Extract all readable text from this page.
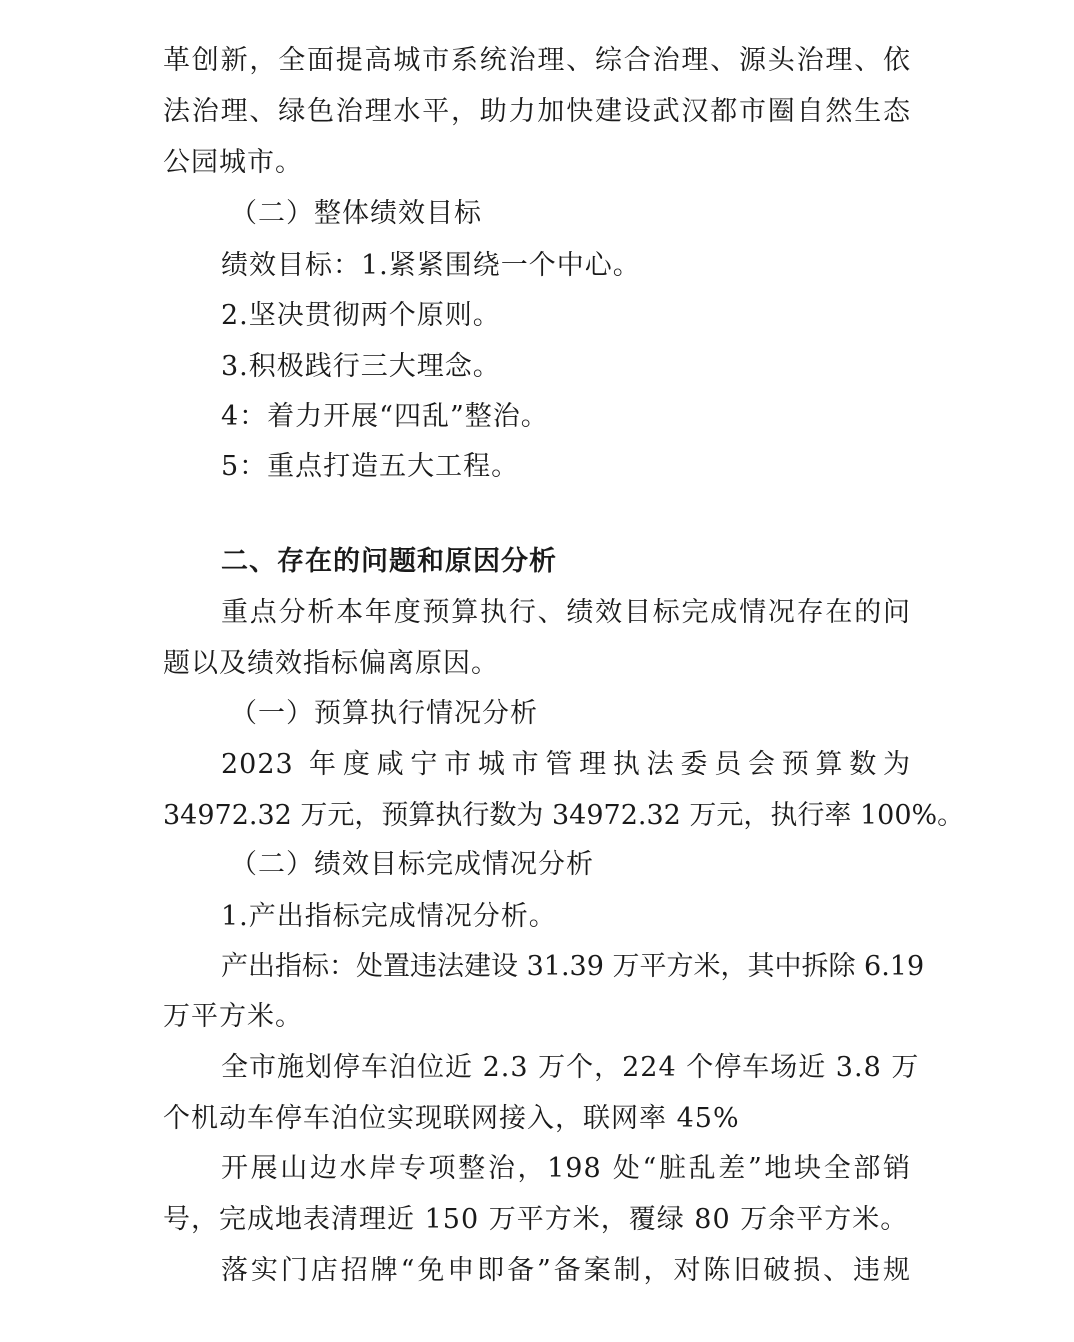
革创新，全面提高城市系统治理、综合治理、源头治理、依
法治理、绿色治理水平，助力加快建设武汉都市圈自然生态
公园城市。
（二）整体绩效目标
绩效目标：1.紧紧围绕一个中心。
2.坚决贯彻两个原则。
3.积极践行三大理念。
4：着力开展“四乱”整治。
5：重点打造五大工程。
二、存在的问题和原因分析
重点分析本年度预算执行、绩效目标完成情况存在的问
题以及绩效指标偏离原因。
（一）预算执行情况分析
2023 年度咸宁市城市管理执法委员会预算数为
34972.32 万元，预算执行数为 34972.32 万元，执行率 100%。
（二）绩效目标完成情况分析
1.产出指标完成情况分析。
产出指标：处置违法建设 31.39 万平方米，其中拆除 6.19
万平方米。
全市施划停车泊位近 2.3 万个，224 个停车场近 3.8 万
个机动车停车泊位实现联网接入，联网率 45%
开展山边水岸专项整治，198 处“脏乱差”地块全部销
号，完成地表清理近 150 万平方米，覆绿 80 万余平方米。
落实门店招牌“免申即备”备案制，对陈旧破损、违规
